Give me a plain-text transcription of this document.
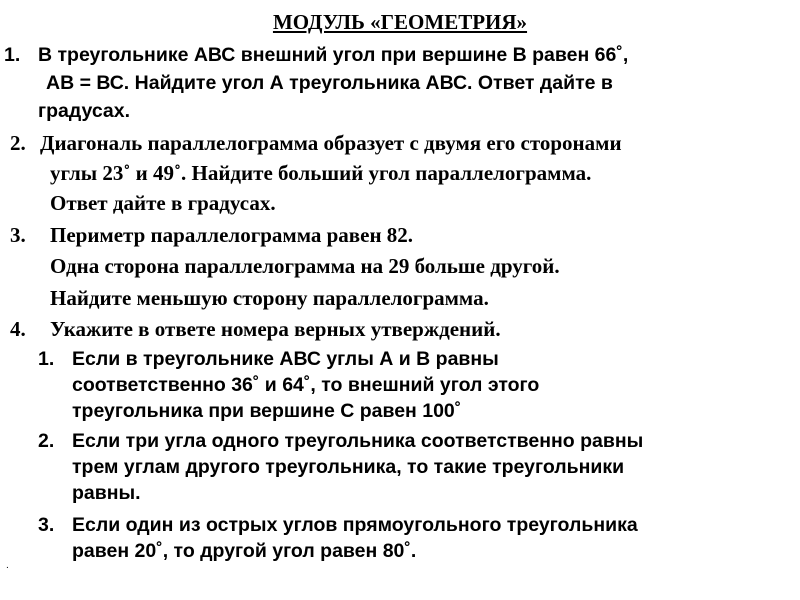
МОДУЛЬ «ГЕОМЕТРИЯ»
1. В треугольнике АВС внешний угол при вершине В равен 66˚,
АВ = ВС. Найдите угол А треугольника АВС. Ответ дайте в
градусах.
2. Диагональ параллелограмма образует с двумя его сторонами
углы 23˚ и 49˚. Найдите больший угол параллелограмма.
Ответ дайте в градусах.
3. Периметр параллелограмма равен 82.
Одна сторона параллелограмма на 29 больше другой.
Найдите меньшую сторону параллелограмма.
4. Укажите в ответе номера верных утверждений.
1. Если в треугольнике АВС углы А и В равны
соответственно 36˚ и 64˚, то внешний угол этого
треугольника при вершине С равен 100˚
2. Если три угла одного треугольника соответственно равны
трем углам другого треугольника, то такие треугольники
равны.
3. Если один из острых углов прямоугольного треугольника
равен 20˚, то другой угол равен 80˚.
.
